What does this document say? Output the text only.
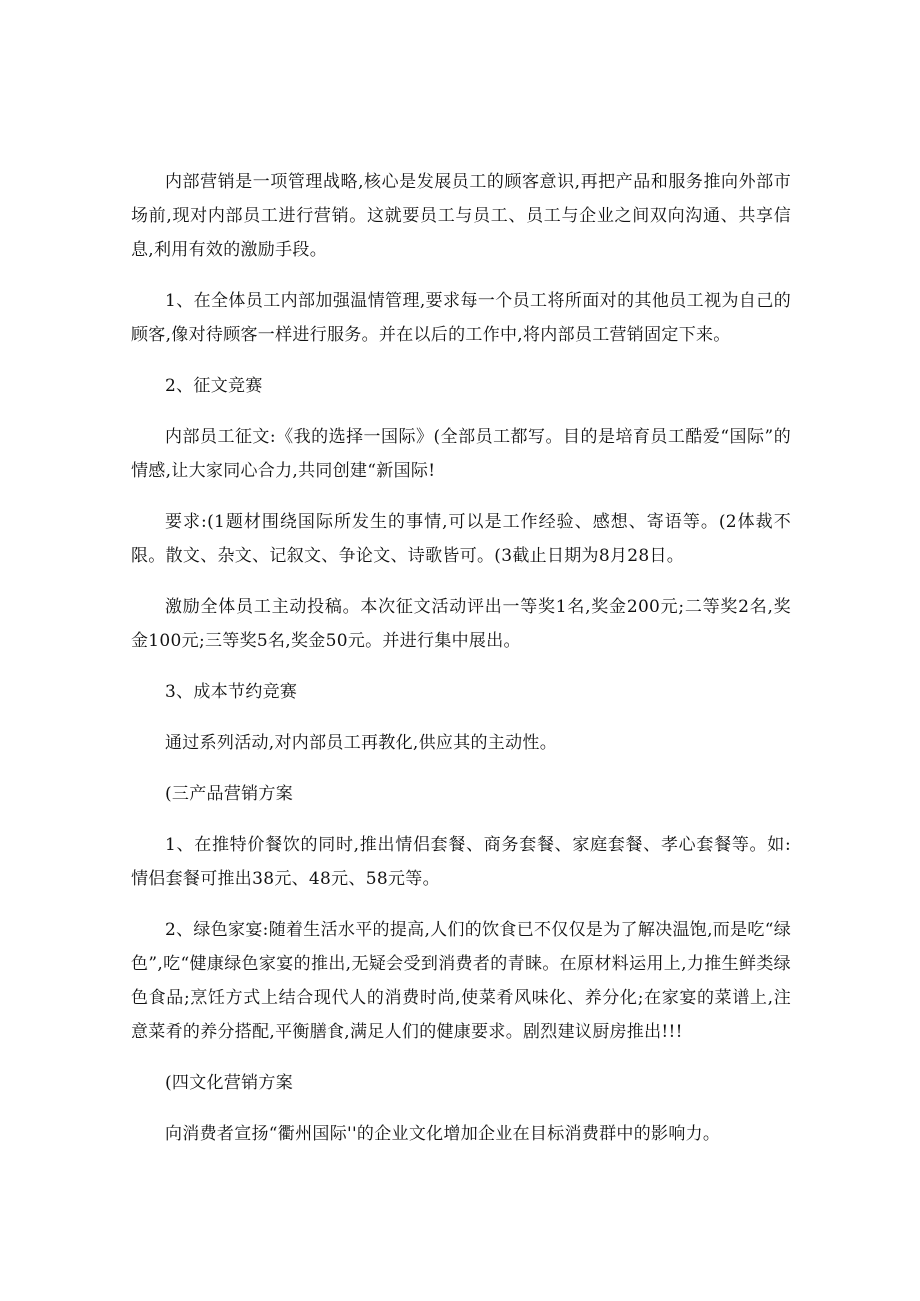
内部营销是一项管理战略,核心是发展员工的顾客意识,再把产品和服务推向外部市场前,现对内部员工进行营销。这就要员工与员工、员工与企业之间双向沟通、共享信息,利用有效的激励手段。

1、在全体员工内部加强温情管理,要求每一个员工将所面对的其他员工视为自己的顾客,像对待顾客一样进行服务。并在以后的工作中,将内部员工营销固定下来。

2、征文竞赛

内部员工征文:《我的选择一国际》(全部员工都写。目的是培育员工酷爱“国际”的情感,让大家同心合力,共同创建“新国际!

要求:(1题材围绕国际所发生的事情,可以是工作经验、感想、寄语等。(2体裁不限。散文、杂文、记叙文、争论文、诗歌皆可。(3截止日期为8月28日。

激励全体员工主动投稿。本次征文活动评出一等奖1名,奖金200元;二等奖2名,奖金100元;三等奖5名,奖金50元。并进行集中展出。

3、成本节约竞赛

通过系列活动,对内部员工再教化,供应其的主动性。

(三产品营销方案

1、在推特价餐饮的同时,推出情侣套餐、商务套餐、家庭套餐、孝心套餐等。如:情侣套餐可推出38元、48元、58元等。

2、绿色家宴:随着生活水平的提高,人们的饮食已不仅仅是为了解决温饱,而是吃“绿色”,吃“健康绿色家宴的推出,无疑会受到消费者的青睐。在原材料运用上,力推生鲜类绿色食品;烹饪方式上结合现代人的消费时尚,使菜肴风味化、养分化;在家宴的菜谱上,注意菜肴的养分搭配,平衡膳食,满足人们的健康要求。剧烈建议厨房推出!!!

(四文化营销方案

向消费者宣扬“衢州国际''的企业文化增加企业在目标消费群中的影响力。
